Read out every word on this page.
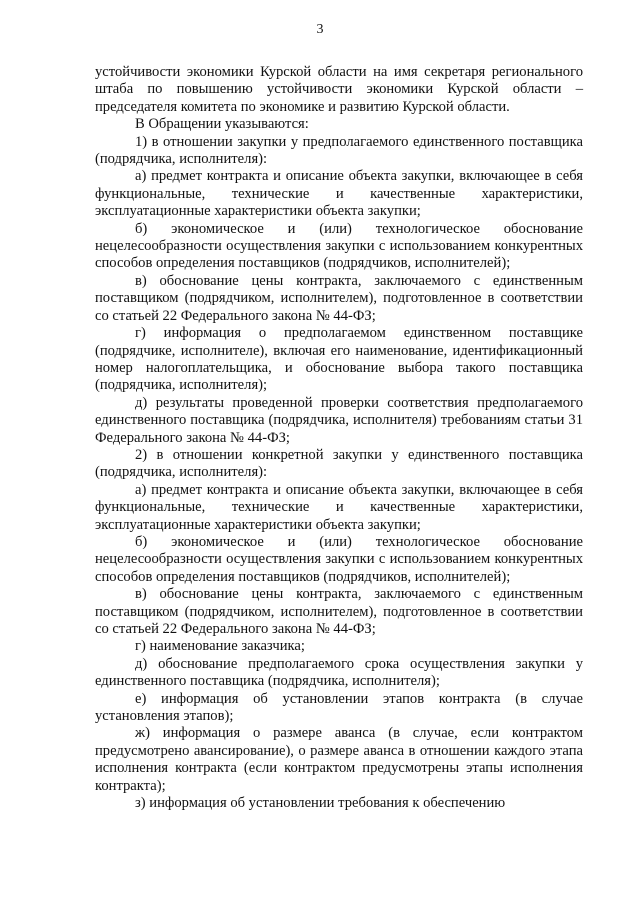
3

устойчивости экономики Курской области на имя секретаря регионального штаба по повышению устойчивости экономики Курской области – председателя комитета по экономике и развитию Курской области.

В Обращении указываются:

1) в отношении закупки у предполагаемого единственного поставщика (подрядчика, исполнителя):

а) предмет контракта и описание объекта закупки, включающее в себя функциональные, технические и качественные характеристики, эксплуатационные характеристики объекта закупки;

б) экономическое и (или) технологическое обоснование нецелесообразности осуществления закупки с использованием конкурентных способов определения поставщиков (подрядчиков, исполнителей);

в) обоснование цены контракта, заключаемого с единственным поставщиком (подрядчиком, исполнителем), подготовленное в соответствии со статьей 22 Федерального закона № 44-ФЗ;

г) информация о предполагаемом единственном поставщике (подрядчике, исполнителе), включая его наименование, идентификационный номер налогоплательщика, и обоснование выбора такого поставщика (подрядчика, исполнителя);

д) результаты проведенной проверки соответствия предполагаемого единственного поставщика (подрядчика, исполнителя) требованиям статьи 31 Федерального закона № 44-ФЗ;

2) в отношении конкретной закупки у единственного поставщика (подрядчика, исполнителя):

а) предмет контракта и описание объекта закупки, включающее в себя функциональные, технические и качественные характеристики, эксплуатационные характеристики объекта закупки;

б) экономическое и (или) технологическое обоснование нецелесообразности осуществления закупки с использованием конкурентных способов определения поставщиков (подрядчиков, исполнителей);

в) обоснование цены контракта, заключаемого с единственным поставщиком (подрядчиком, исполнителем), подготовленное в соответствии со статьей 22 Федерального закона № 44-ФЗ;

г) наименование заказчика;

д) обоснование предполагаемого срока осуществления закупки у единственного поставщика (подрядчика, исполнителя);

е) информация об установлении этапов контракта (в случае установления этапов);

ж) информация о размере аванса (в случае, если контрактом предусмотрено авансирование), о размере аванса в отношении каждого этапа исполнения контракта (если контрактом предусмотрены этапы исполнения контракта);

з) информация об установлении требования к обеспечению
